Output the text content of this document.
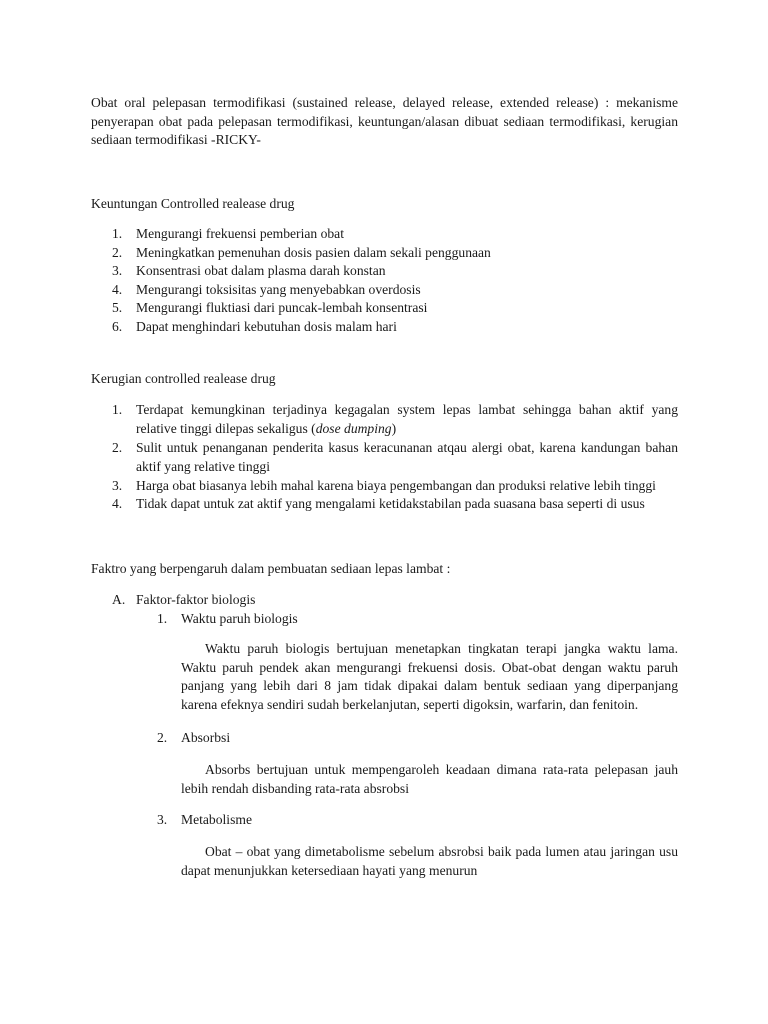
Obat oral pelepasan termodifikasi (sustained release, delayed release, extended release) : mekanisme
penyerapan obat pada pelepasan termodifikasi, keuntungan/alasan dibuat sediaan termodifikasi, kerugian
sediaan termodifikasi -RICKY-
Keuntungan Controlled realease drug
1. Mengurangi frekuensi pemberian obat
2. Meningkatkan pemenuhan dosis pasien dalam sekali penggunaan
3. Konsentrasi obat dalam plasma darah konstan
4. Mengurangi toksisitas yang menyebabkan overdosis
5. Mengurangi fluktiasi dari puncak-lembah konsentrasi
6. Dapat menghindari kebutuhan dosis malam hari
Kerugian controlled realease drug
1. Terdapat kemungkinan terjadinya kegagalan system lepas lambat sehingga bahan aktif yang
relative tinggi dilepas sekaligus (dose dumping)
2. Sulit untuk penanganan penderita kasus keracunanan atqau alergi obat, karena kandungan bahan
aktif yang relative tinggi
3. Harga obat biasanya lebih mahal karena biaya pengembangan dan produksi relative lebih tinggi
4. Tidak dapat untuk zat aktif yang mengalami ketidakstabilan pada suasana basa seperti di usus
Faktro yang berpengaruh dalam pembuatan sediaan lepas lambat :
A. Faktor-faktor biologis
1. Waktu paruh biologis
Waktu paruh biologis bertujuan menetapkan tingkatan terapi jangka waktu lama.
Waktu paruh pendek akan mengurangi frekuensi dosis. Obat-obat dengan waktu paruh
panjang yang lebih dari 8 jam tidak dipakai dalam bentuk sediaan yang diperpanjang
karena efeknya sendiri sudah berkelanjutan, seperti digoksin, warfarin, dan fenitoin.
2. Absorbsi
Absorbs bertujuan untuk mempengaroleh keadaan dimana rata-rata pelepasan jauh
lebih rendah disbanding rata-rata absrobsi
3. Metabolisme
Obat – obat yang dimetabolisme sebelum absrobsi baik pada lumen atau jaringan usu
dapat menunjukkan ketersediaan hayati yang menurun
